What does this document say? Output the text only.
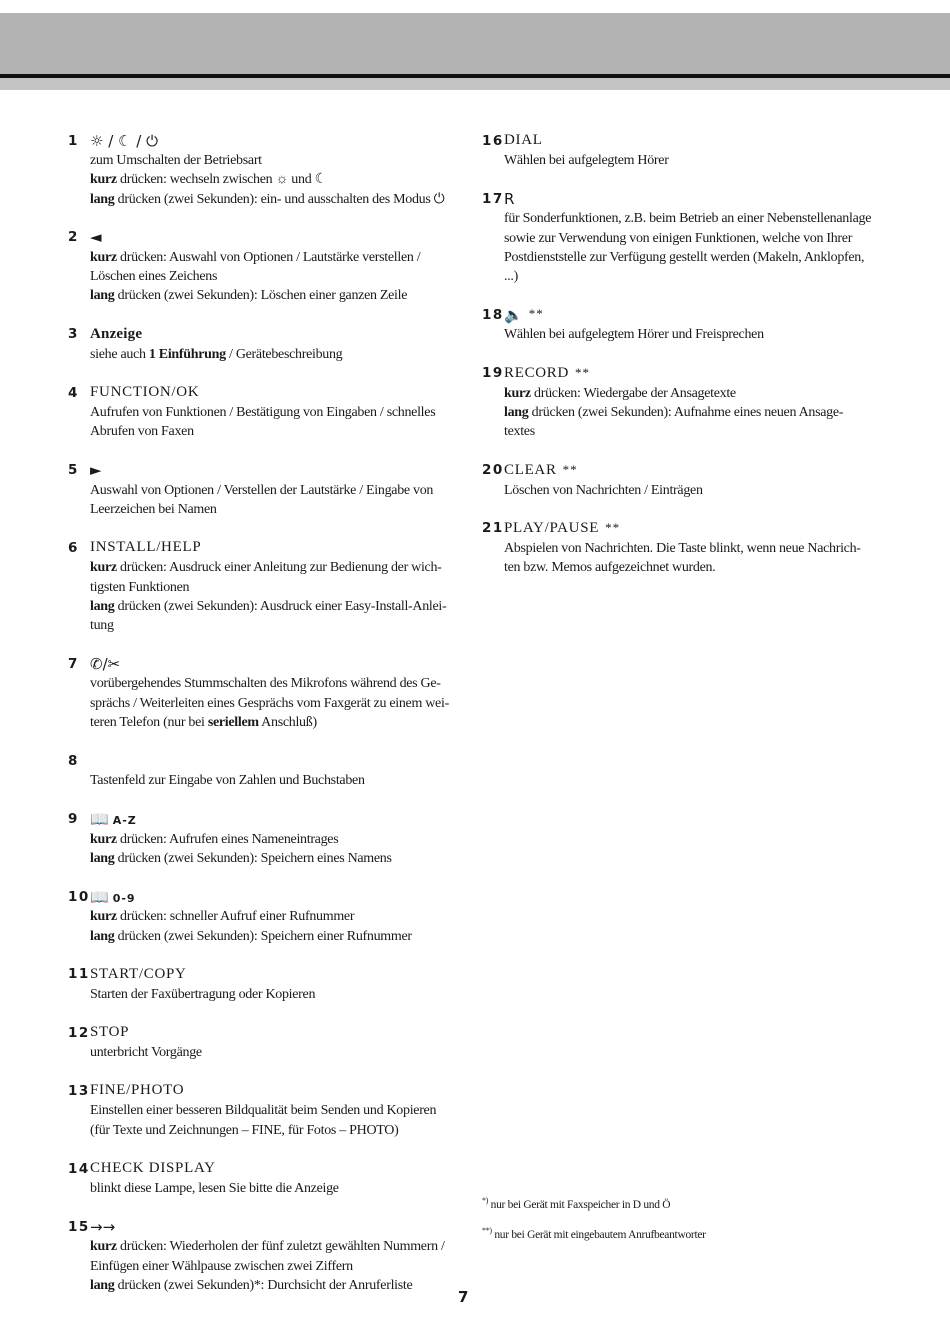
1 ☼ / ☾ / ⏻
zum Umschalten der Betriebsart
kurz drücken: wechseln zwischen ☼ und ☾
lang drücken (zwei Sekunden): ein- und ausschalten des Modus ⏻
2 ◄
kurz drücken: Auswahl von Optionen / Lautstärke verstellen /
Löschen eines Zeichens
lang drücken (zwei Sekunden): Löschen einer ganzen Zeile
3 Anzeige
siehe auch 1 Einführung / Gerätebeschreibung
4 FUNCTION/OK
Aufrufen von Funktionen / Bestätigung von Eingaben / schnelles
Abrufen von Faxen
5 ►
Auswahl von Optionen / Verstellen der Lautstärke / Eingabe von
Leerzeichen bei Namen
6 INSTALL/HELP
kurz drücken: Ausdruck einer Anleitung zur Bedienung der wich-
tigsten Funktionen
lang drücken (zwei Sekunden): Ausdruck einer Easy-Install-Anlei-
tung
7 ✆/✂
vorübergehendes Stummschalten des Mikrofons während des Ge-
sprächs / Weiterleiten eines Gesprächs vom Faxgerät zu einem wei-
teren Telefon (nur bei seriellem Anschluß)
8
Tastenfeld zur Eingabe von Zahlen und Buchstaben
9 📖 A-Z
kurz drücken: Aufrufen eines Nameneintrages
lang drücken (zwei Sekunden): Speichern eines Namens
10 📖 0-9
kurz drücken: schneller Aufruf einer Rufnummer
lang drücken (zwei Sekunden): Speichern einer Rufnummer
11 START/COPY
Starten der Faxübertragung oder Kopieren
12 STOP
unterbricht Vorgänge
13 FINE/PHOTO
Einstellen einer besseren Bildqualität beim Senden und Kopieren
(für Texte und Zeichnungen – FINE, für Fotos – PHOTO)
14 CHECK DISPLAY
blinkt diese Lampe, lesen Sie bitte die Anzeige
15 →→
kurz drücken: Wiederholen der fünf zuletzt gewählten Nummern /
Einfügen einer Wählpause zwischen zwei Ziffern
lang drücken (zwei Sekunden)*: Durchsicht der Anruferliste
16 DIAL
Wählen bei aufgelegtem Hörer
17 R
für Sonderfunktionen, z.B. beim Betrieb an einer Nebenstellenanlage
sowie zur Verwendung von einigen Funktionen, welche von Ihrer
Postdienststelle zur Verfügung gestellt werden (Makeln, Anklopfen,
...)
18 🔈 **
Wählen bei aufgelegtem Hörer und Freisprechen
19 RECORD **
kurz drücken: Wiedergabe der Ansagetexte
lang drücken (zwei Sekunden): Aufnahme eines neuen Ansage-
textes
20 CLEAR **
Löschen von Nachrichten / Einträgen
21 PLAY/PAUSE **
Abspielen von Nachrichten. Die Taste blinkt, wenn neue Nachrich-
ten bzw. Memos aufgezeichnet wurden.
*) nur bei Gerät mit Faxspeicher in D und Ö
**) nur bei Gerät mit eingebautem Anrufbeantworter
7
